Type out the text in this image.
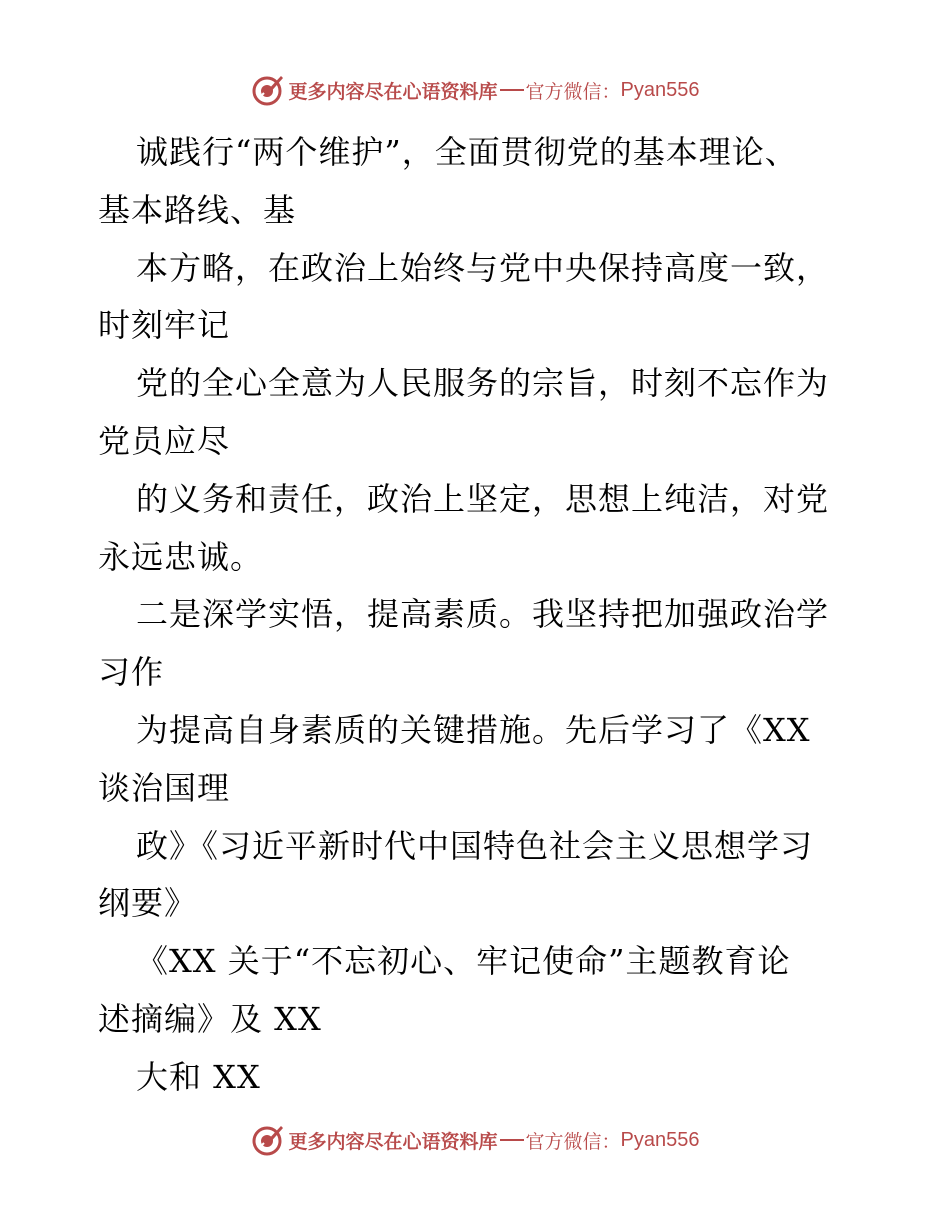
更多内容尽在心语资料库 官方微信： Pyan556
诚践行“两个维护”，全面贯彻党的基本理论、
基本路线、基
本方略，在政治上始终与党中央保持高度一致，
时刻牢记
党的全心全意为人民服务的宗旨，时刻不忘作为
党员应尽
的义务和责任，政治上坚定，思想上纯洁，对党
永远忠诚。
二是深学实悟，提高素质。我坚持把加强政治学
习作
为提高自身素质的关键措施。先后学习了《XX
谈治国理
政》《习近平新时代中国特色社会主义思想学习
纲要》
《XX 关于“不忘初心、牢记使命”主题教育论
述摘编》及 XX
大和 XX
更多内容尽在心语资料库 官方微信： Pyan556
